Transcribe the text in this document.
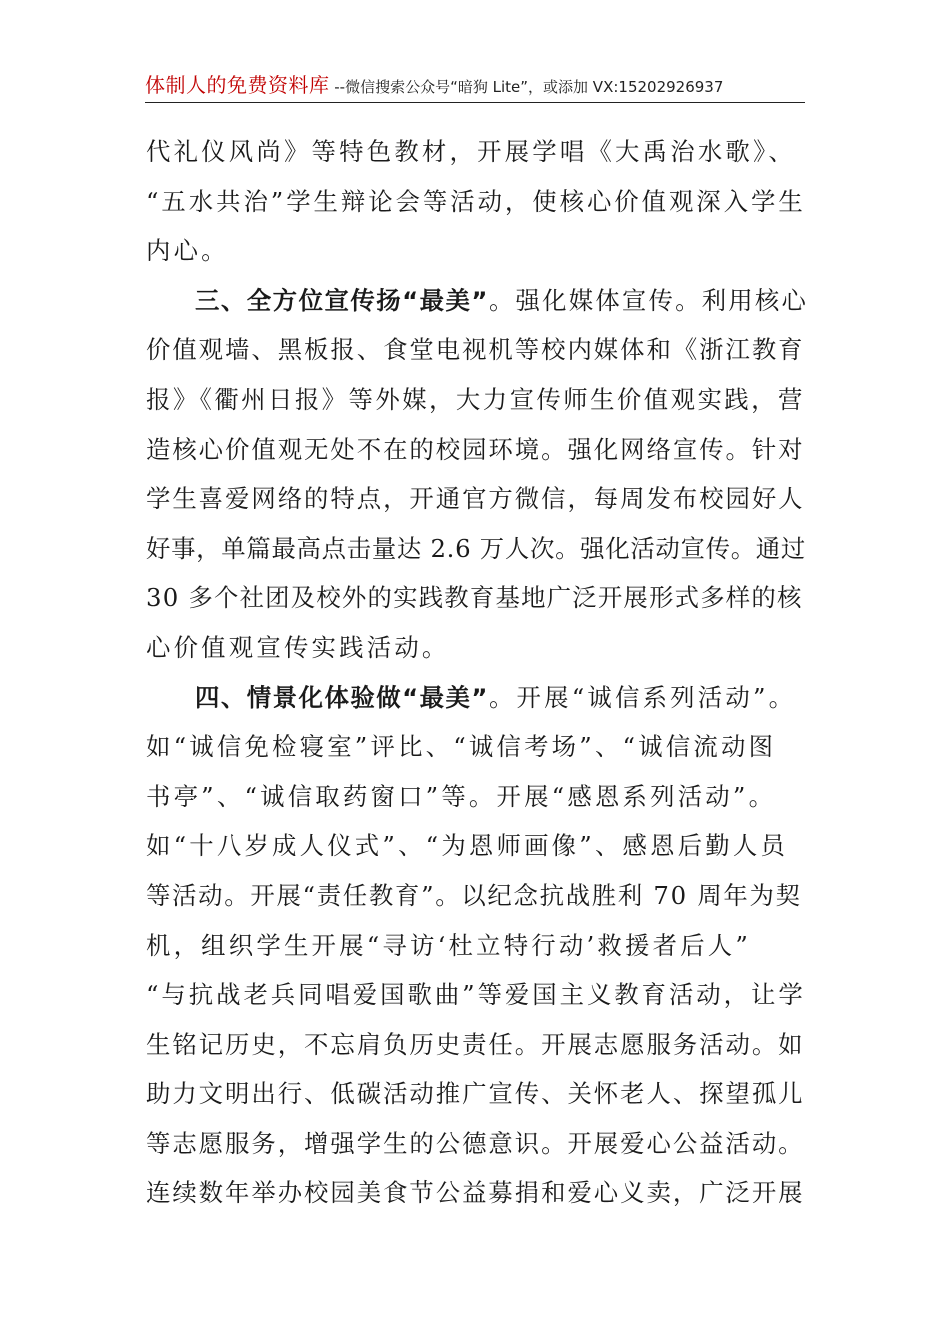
体制人的免费资料库 --微信搜索公众号“暗狗 Lite”，或添加 VX:15202926937
代礼仪风尚》等特色教材，开展学唱《大禹治水歌》、
“五水共治”学生辩论会等活动，使核心价值观深入学生
内心。
三、全方位宣传扬“最美”。强化媒体宣传。利用核心
价值观墙、黑板报、食堂电视机等校内媒体和《浙江教育
报》《衢州日报》等外媒，大力宣传师生价值观实践，营
造核心价值观无处不在的校园环境。强化网络宣传。针对
学生喜爱网络的特点，开通官方微信，每周发布校园好人
好事，单篇最高点击量达 2.6 万人次。强化活动宣传。通过
30 多个社团及校外的实践教育基地广泛开展形式多样的核
心价值观宣传实践活动。
四、情景化体验做“最美”。开展“诚信系列活动”。
如“诚信免检寝室”评比、“诚信考场”、“诚信流动图
书亭”、“诚信取药窗口”等。开展“感恩系列活动”。
如“十八岁成人仪式”、“为恩师画像”、感恩后勤人员
等活动。开展“责任教育”。以纪念抗战胜利 70 周年为契
机，组织学生开展“寻访‘杜立特行动’救援者后人”
“与抗战老兵同唱爱国歌曲”等爱国主义教育活动，让学
生铭记历史，不忘肩负历史责任。开展志愿服务活动。如
助力文明出行、低碳活动推广宣传、关怀老人、探望孤儿
等志愿服务，增强学生的公德意识。开展爱心公益活动。
连续数年举办校园美食节公益募捐和爱心义卖，广泛开展
